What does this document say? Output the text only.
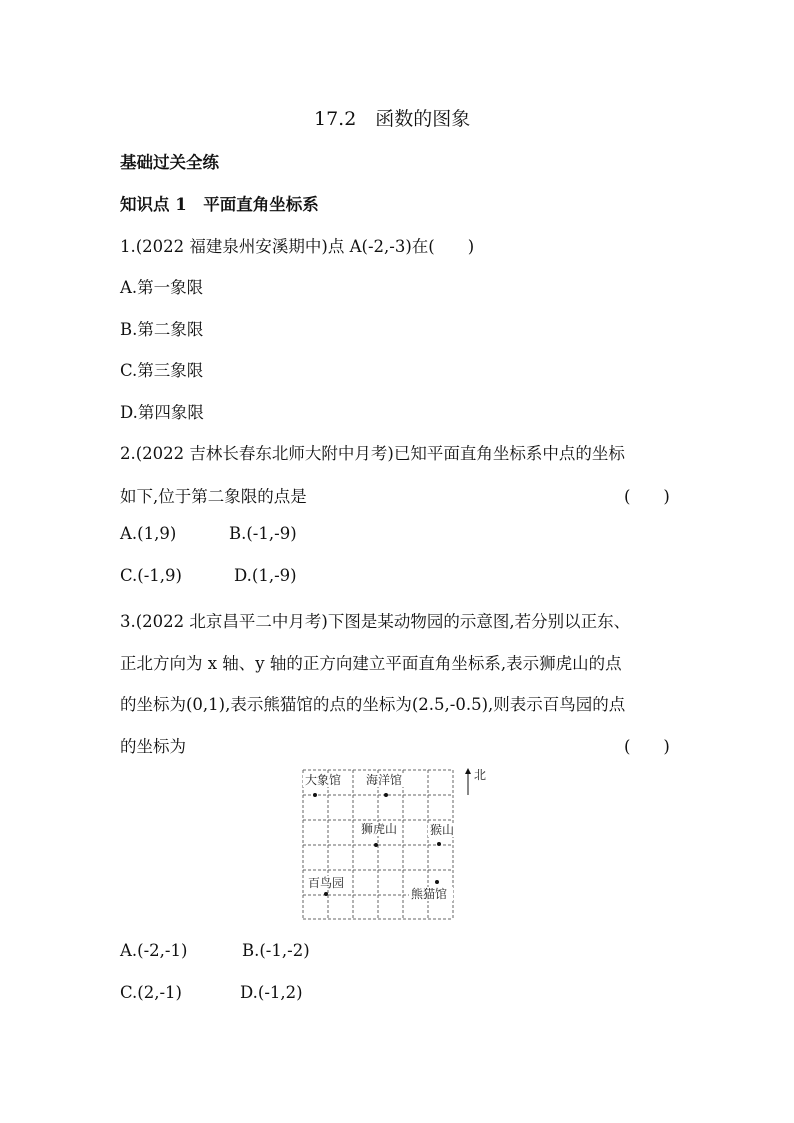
17.2　函数的图象
基础过关全练
知识点 1　平面直角坐标系
1.(2022 福建泉州安溪期中)点 A(-2,-3)在(　　)
A.第一象限
B.第二象限
C.第三象限
D.第四象限
2.(2022 吉林长春东北师大附中月考)已知平面直角坐标系中点的坐标
如下,位于第二象限的点是	(　　)
A.(1,9)	B.(-1,-9)
C.(-1,9)	D.(1,-9)
3.(2022 北京昌平二中月考)下图是某动物园的示意图,若分别以正东、
正北方向为 x 轴、y 轴的正方向建立平面直角坐标系,表示狮虎山的点
的坐标为(0,1),表示熊猫馆的点的坐标为(2.5,-0.5),则表示百鸟园的点
的坐标为	(　　)
大象馆 海洋馆
狮虎山	猴山
百鸟园
熊猫馆
北
A.(-2,-1)	B.(-1,-2)
C.(2,-1)	D.(-1,2)
